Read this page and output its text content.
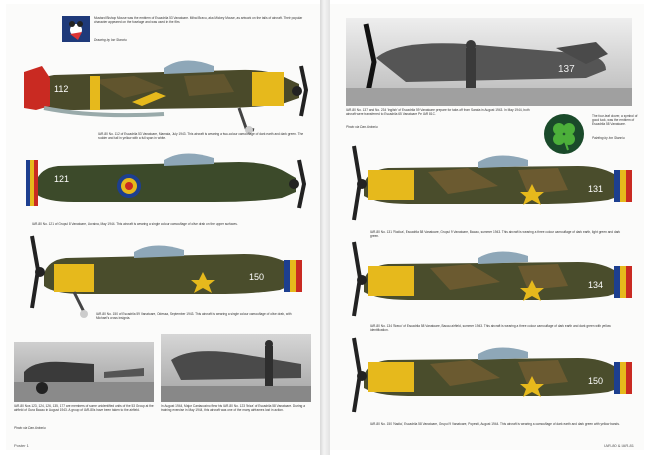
Mustard Bishop Mouse was the emblem of Escadrila 53 Vanatoare. Mihai Bravu, aka Mickey Mouse, as artwork on the tails of aircraft. Their popular character appeared on the fuselage and was used in the film.
Drawing by Ion Stanciu
112
IAR-80 No. 112 of Escadrila 53 Vanatoare, Mamaia, July 1943. This aircraft is wearing a two-colour camouflage of dark earth and dark green. The rudder and tail in yellow with a full span in white.
121
IAR-80 No. 121 of Grupul 8 Vanatoare, Ucraina, May 1944. This aircraft is wearing a single colour camouflage of olive drab on the upper surfaces.
150
IAR-80 No. 150 of Escadrila 59 Vanatoare, Odessa, September 1943. This aircraft is wearing a single colour camouflage of olive drab, with Michael's cross insignia.
IAR-80 Nos 123, 124, 126, 135, 177 are members of some unidentified units of the 53 Group at the airfield of Gura Bacau in August 1943. A group of IAR-80s have been taken to the airfield.
Photo via Dan Antoniu
In August 1944, Major Cantacuzino flew his IAR-80 No. 123 'Ibiza' of Escadrila 58 Vanatoare. During a training exercise in May 1944, this aircraft was one of the many airframes lost in action.
Poster 1
137
IAR-80 No. 137 and No. 234 'Inglish' of Escadrila 59 Vanatoare prepare for take-off from Sarata in August 1943. In May 1944, both aircraft were transferred to Escadrila 65 Vanatoare Pe IAR 81C.
Photo via Dan Antoniu
The four-leaf clover, a symbol of good luck, was the emblem of Escadrila 58 Vanatoare.
Painting by Ion Stanciu
131
IAR-80 No. 131 'Rodica', Escadrila 58 Vanatoare, Grupul 9 Vanatoare, Bacau, summer 1943. This aircraft is wearing a three colour camouflage of dark earth, light green and dark green.
134
IAR-80 No. 134 'Bravo' of Escadrila 58 Vanatoare, Bacau airfield, summer 1943. This aircraft is wearing a three colour camouflage of dark earth and dark green with yellow identification.
150
IAR-80 No. 150 'Nadia', Escadrila 58 Vanatoare, Grupul 9 Vanatoare, Popesti, August 1944. This aircraft is wearing a camouflage of dark earth and dark green with yellow bands.
IAR-80 & IAR-81
